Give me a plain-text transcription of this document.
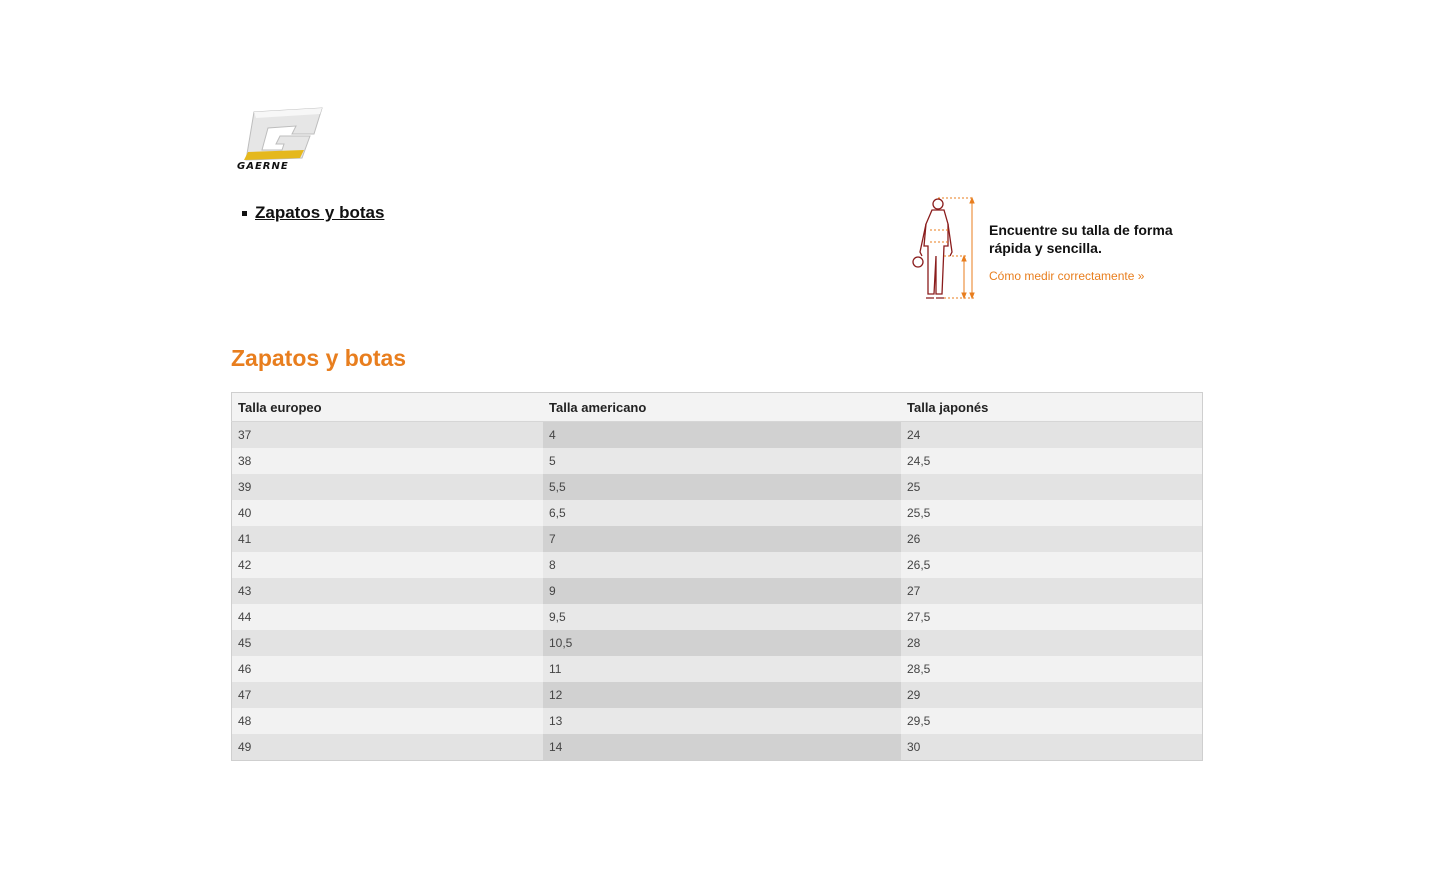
GAERNE
Zapatos y botas
Encuentre su talla de forma rápida y sencilla.
Cómo medir correctamente »
Zapatos y botas
Talla europeo	Talla americano	Talla japonés
37	4	24
38	5	24,5
39	5,5	25
40	6,5	25,5
41	7	26
42	8	26,5
43	9	27
44	9,5	27,5
45	10,5	28
46	11	28,5
47	12	29
48	13	29,5
49	14	30
